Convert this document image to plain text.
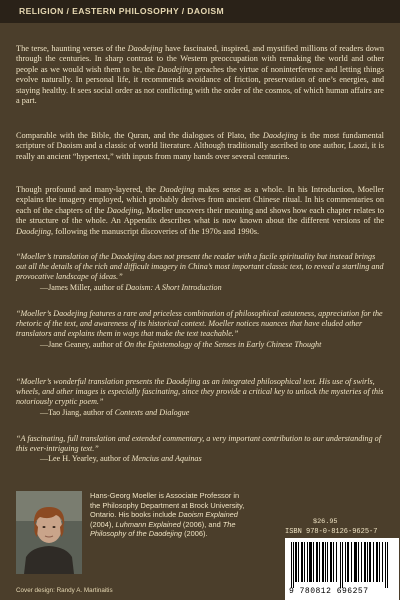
RELIGION / EASTERN PHILOSOPHY / DAOISM
The terse, haunting verses of the Daodejing have fascinated, inspired, and mystified millions of readers down through the centuries. In sharp contrast to the Western preoccupation with remaking the world and other people as we would wish them to be, the Daodejing preaches the virtue of noninterference and letting things evolve naturally. In personal life, it recommends avoidance of friction, preservation of one’s energies, and staying healthy. It sees social order as not conflicting with the order of the cosmos, of which human affairs are a part.
Comparable with the Bible, the Quran, and the dialogues of Plato, the Daodejing is the most fundamental scripture of Daoism and a classic of world literature. Although traditionally ascribed to one author, Laozi, it is really an ancient “hypertext,” with inputs from many hands over several centuries.
Though profound and many-layered, the Daodejing makes sense as a whole. In his Introduction, Moeller explains the imagery employed, which probably derives from ancient Chinese ritual. In his commentaries on each of the chapters of the Daodejing, Moeller uncovers their meaning and shows how each chapter relates to the structure of the whole. An Appendix describes what is now known about the different versions of the Daodejing, following the manuscript discoveries of the 1970s and 1990s.
“Moeller’s translation of the Daodejing does not present the reader with a facile spirituality but instead brings out all the details of the rich and difficult imagery in China’s most important classic text, to reveal a startling and provocative landscape of ideas.”
—James Miller, author of Daoism: A Short Introduction
“Moeller’s Daodejing features a rare and priceless combination of philosophical astuteness, appreciation for the rhetoric of the text, and awareness of its historical context. Moeller notices nuances that have eluded other translators and explains them in ways that make the text teachable.”
—Jane Geaney, author of On the Epistemology of the Senses in Early Chinese Thought
“Moeller’s wonderful translation presents the Daodejing as an integrated philosophical text. His use of swirls, wheels, and other images is especially fascinating, since they provide a critical key to unlock the mysteries of this notoriously cryptic poem.”
—Tao Jiang, author of Contexts and Dialogue
“A fascinating, full translation and extended commentary, a very important contribution to our understanding of this ever-intriguing text.”
—Lee H. Yearley, author of Mencius and Aquinas
Hans-Georg Moeller is Associate Professor in the Philosophy Department at Brock University, Ontario. His books include Daoism Explained (2004), Luhmann Explained (2006), and The Philosophy of the Daodejing (2006).
$26.95
ISBN 978-0-8126-9625-7
9 780812 696257
Cover design: Randy A. Martinaitis
